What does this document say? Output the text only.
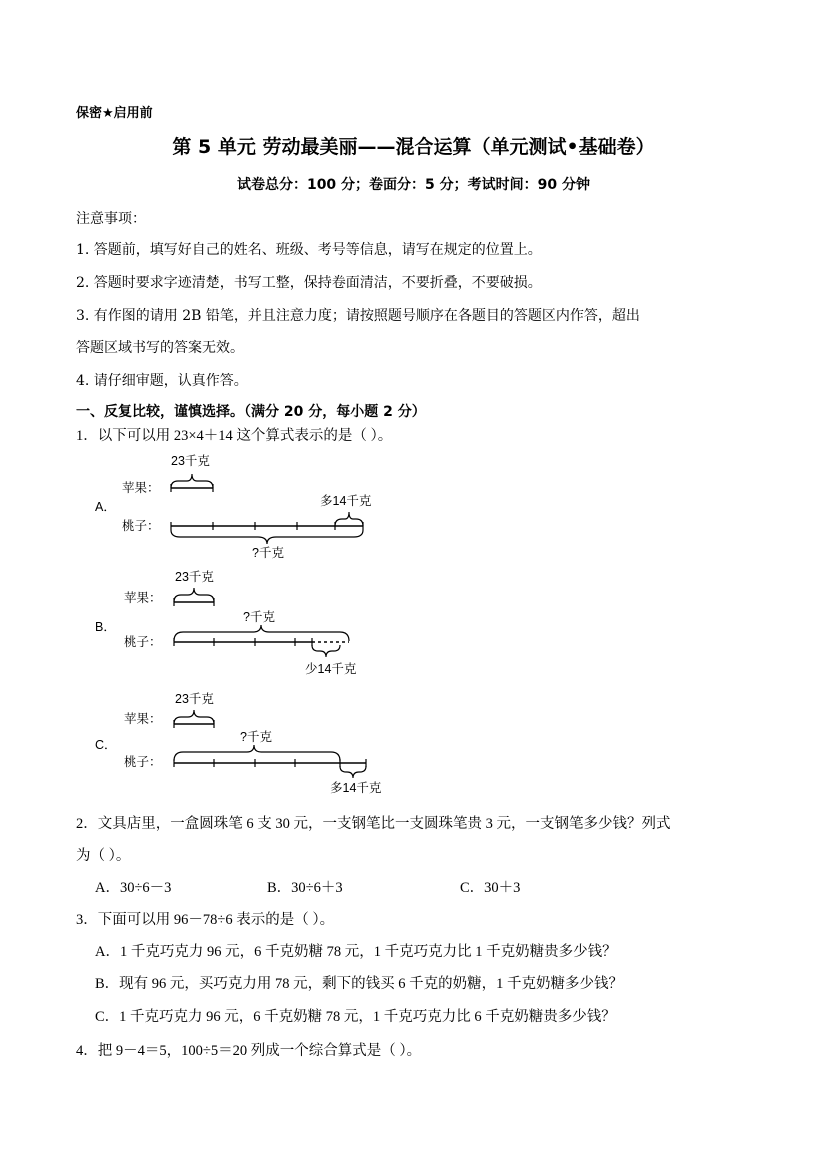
保密★启用前
第 5 单元 劳动最美丽——混合运算（单元测试•基础卷）
试卷总分：100 分；卷面分：5 分；考试时间：90 分钟
注意事项：
1. 答题前，填写好自己的姓名、班级、考号等信息，请写在规定的位置上。
2. 答题时要求字迹清楚，书写工整，保持卷面清洁，不要折叠，不要破损。
3. 有作图的请用 2B 铅笔，并且注意力度；请按照题号顺序在各题目的答题区内作答，超出
答题区域书写的答案无效。
4. 请仔细审题，认真作答。
一、反复比较，谨慎选择。（满分 20 分，每小题 2 分）
1．以下可以用 23×4＋14 这个算式表示的是（ ）。
A．
23千克
苹果：
多14千克
桃子：
?千克
B．
23千克
苹果：
?千克
桃子：
少14千克
C．
23千克
苹果：
?千克
桃子：
多14千克
2．文具店里，一盒圆珠笔 6 支 30 元，一支钢笔比一支圆珠笔贵 3 元，一支钢笔多少钱？列式
为（ ）。
A．30÷6－3	B．30÷6＋3	C．30＋3
3．下面可以用 96－78÷6 表示的是（ ）。
A．1 千克巧克力 96 元，6 千克奶糖 78 元，1 千克巧克力比 1 千克奶糖贵多少钱？
B．现有 96 元，买巧克力用 78 元，剩下的钱买 6 千克的奶糖，1 千克奶糖多少钱？
C．1 千克巧克力 96 元，6 千克奶糖 78 元，1 千克巧克力比 6 千克奶糖贵多少钱？
4．把 9－4＝5，100÷5＝20 列成一个综合算式是（ ）。
